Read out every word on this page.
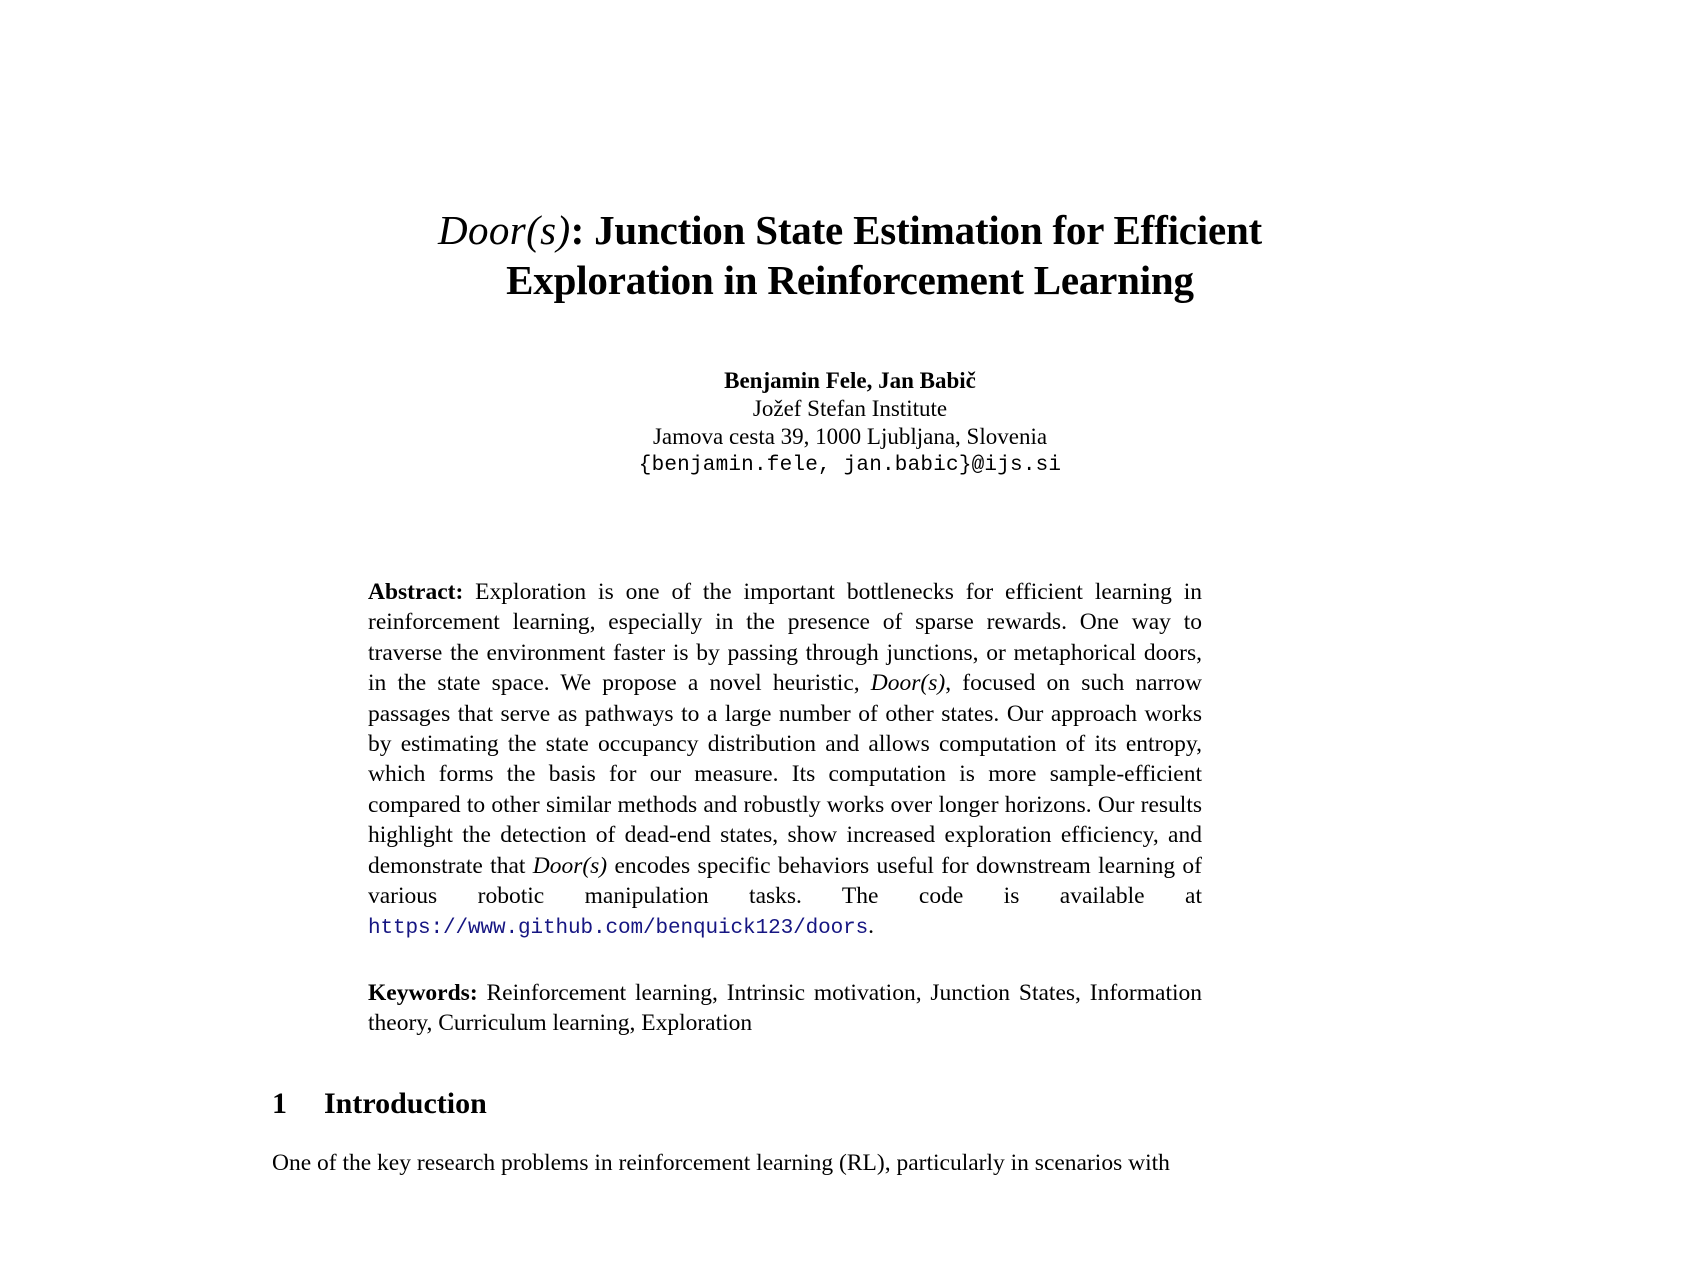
Door(s): Junction State Estimation for Efficient
Exploration in Reinforcement Learning
Benjamin Fele, Jan Babič
Jožef Stefan Institute
Jamova cesta 39, 1000 Ljubljana, Slovenia
{benjamin.fele, jan.babic}@ijs.si
Abstract: Exploration is one of the important bottlenecks for efficient learning in reinforcement learning, especially in the presence of sparse rewards. One way to traverse the environment faster is by passing through junctions, or metaphorical doors, in the state space. We propose a novel heuristic, Door(s), focused on such narrow passages that serve as pathways to a large number of other states. Our approach works by estimating the state occupancy distribution and allows computation of its entropy, which forms the basis for our measure. Its computation is more sample-efficient compared to other similar methods and robustly works over longer horizons. Our results highlight the detection of dead-end states, show increased exploration efficiency, and demonstrate that Door(s) encodes specific behaviors useful for downstream learning of various robotic manipulation tasks. The code is available at https://www.github.com/benquick123/doors.
Keywords: Reinforcement learning, Intrinsic motivation, Junction States, Information theory, Curriculum learning, Exploration
1 Introduction
One of the key research problems in reinforcement learning (RL), particularly in scenarios with
